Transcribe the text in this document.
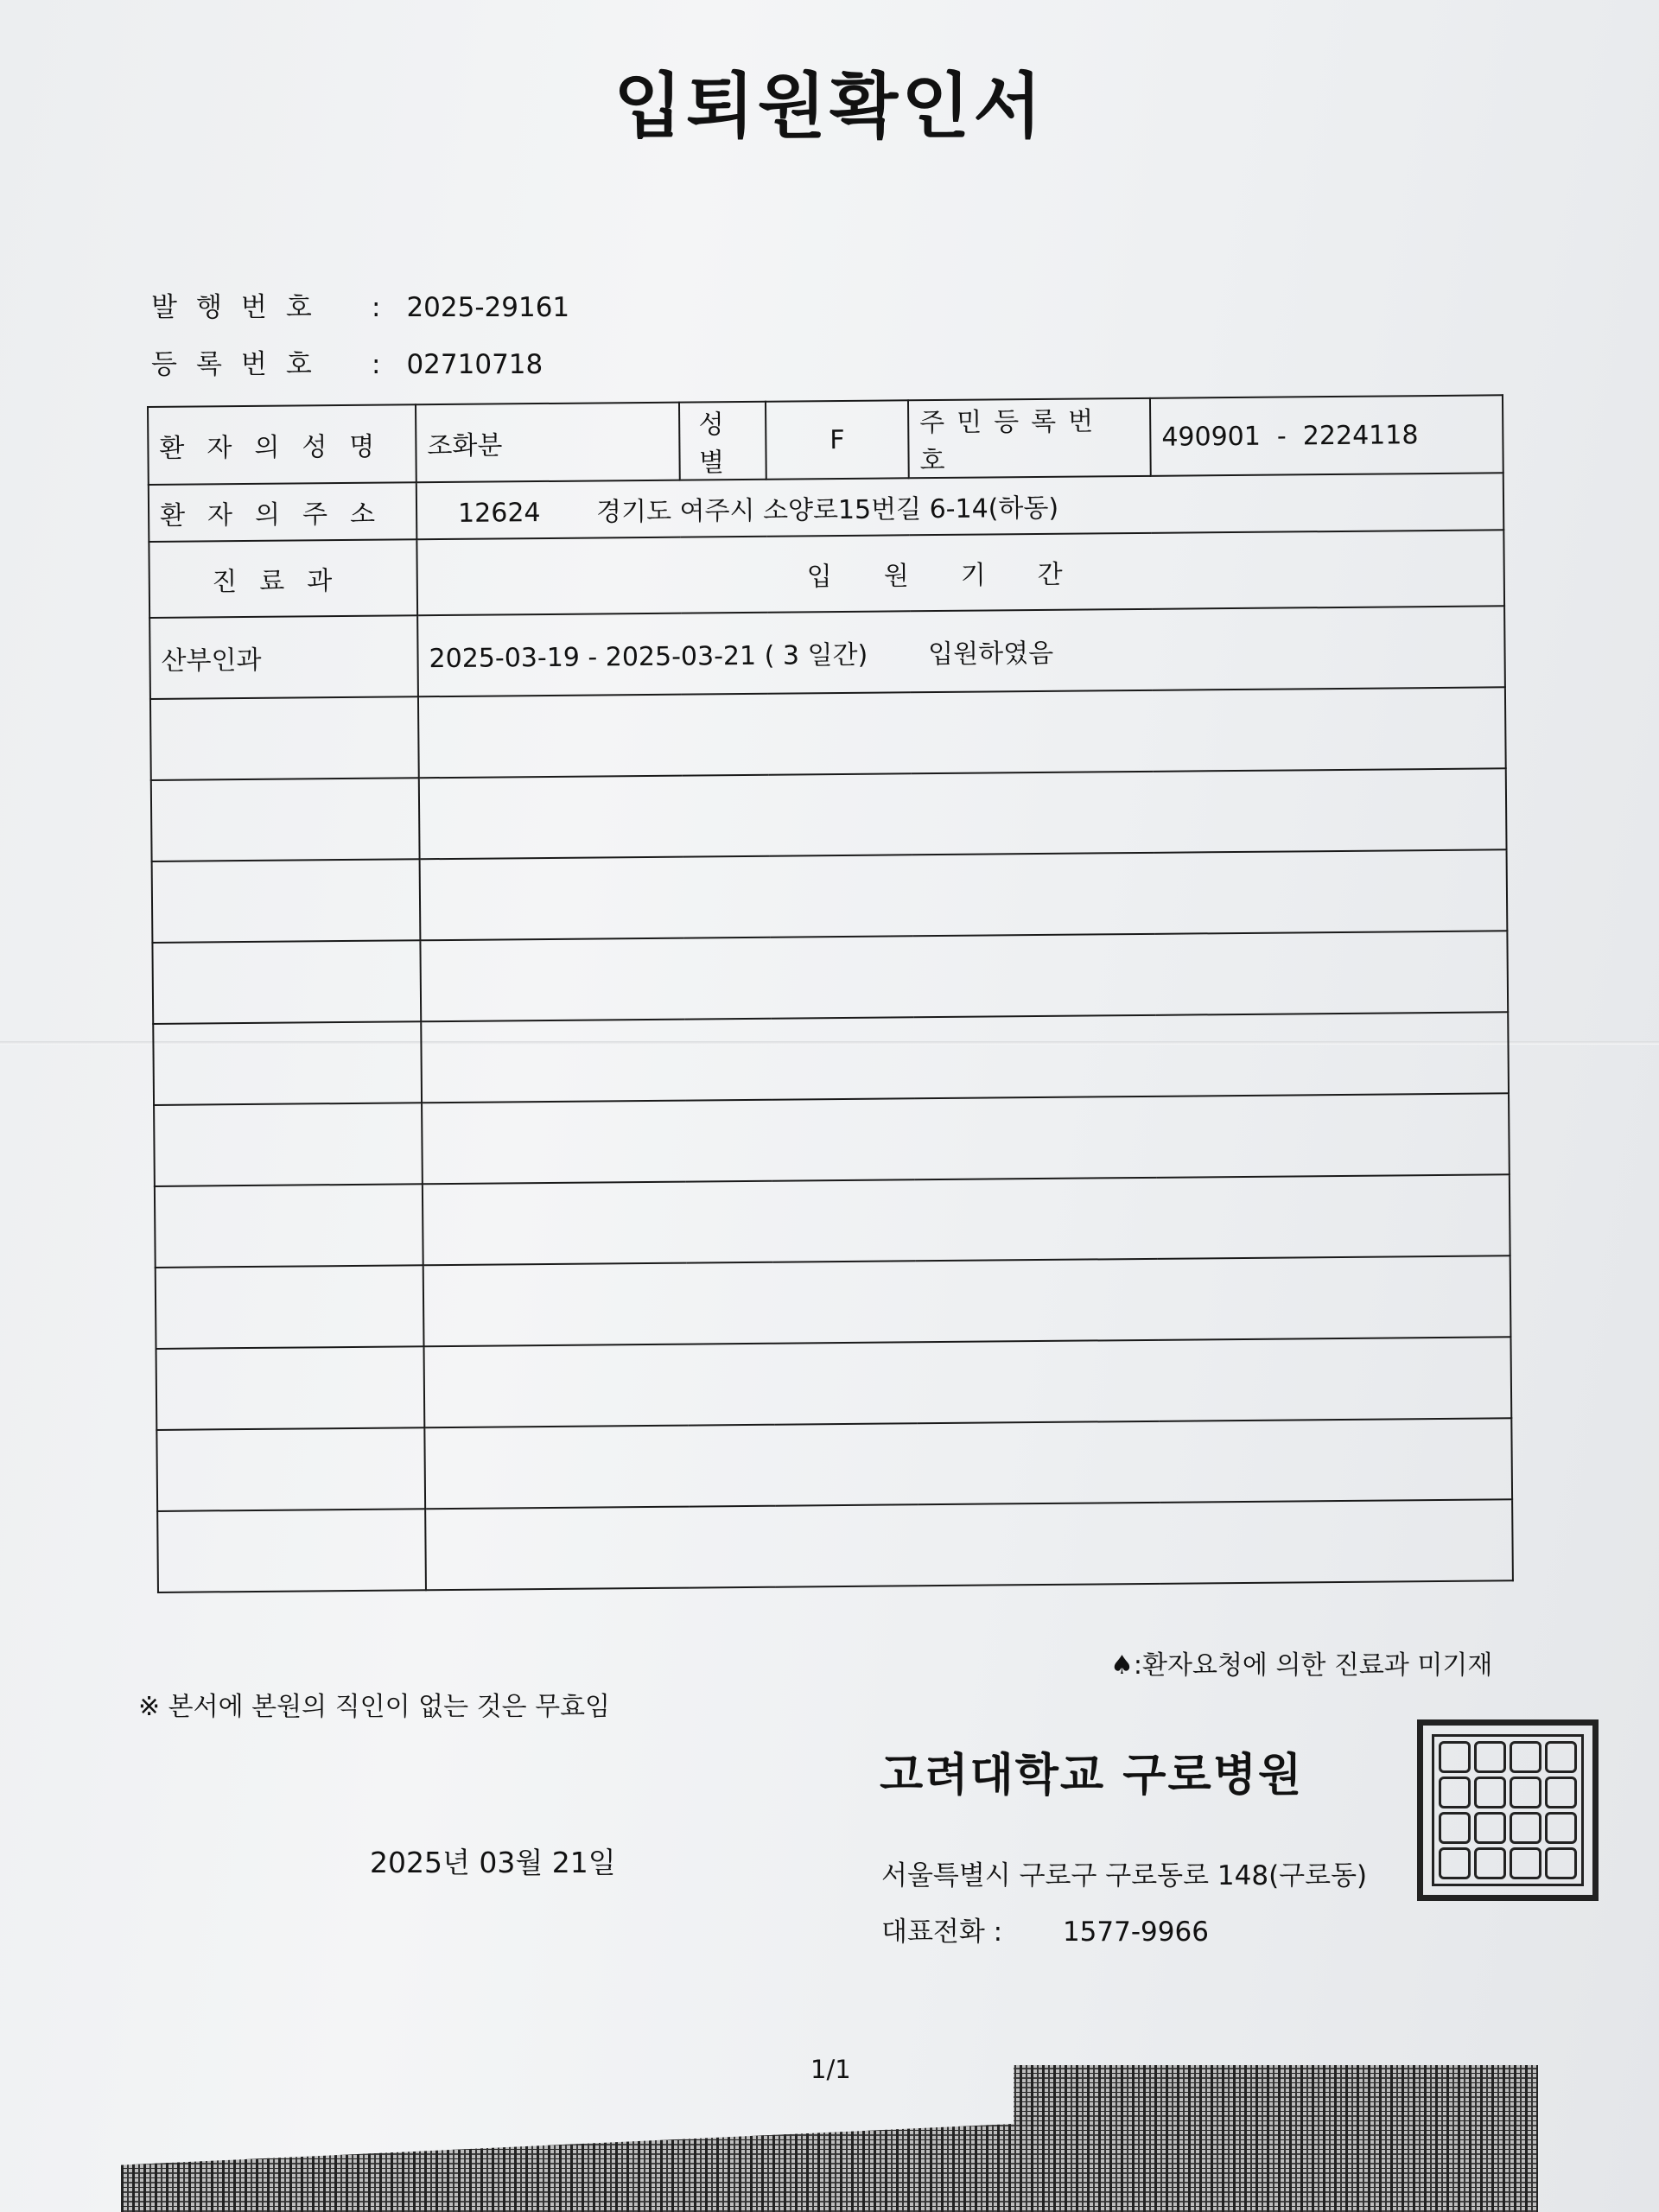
입퇴원확인서
발행번호 : 2025-29161
등록번호 : 02710718
환자의성명	조화분	성별	F	주민등록번호	490901  -  2224118
환자의주소	12624 경기도 여주시 소양로15번길 6-14(하동)				
진료과	입원기간				
산부인과	2025-03-19 - 2025-03-21 ( 3 일간) 입원하였음				

♠:환자요청에 의한 진료과 미기재
※ 본서에 본원의 직인이 없는 것은 무효임
고려대학교 구로병원
2025년 03월 21일	서울특별시 구로구 구로동로 148(구로동)
대표전화 : 1577-9966
1/1
